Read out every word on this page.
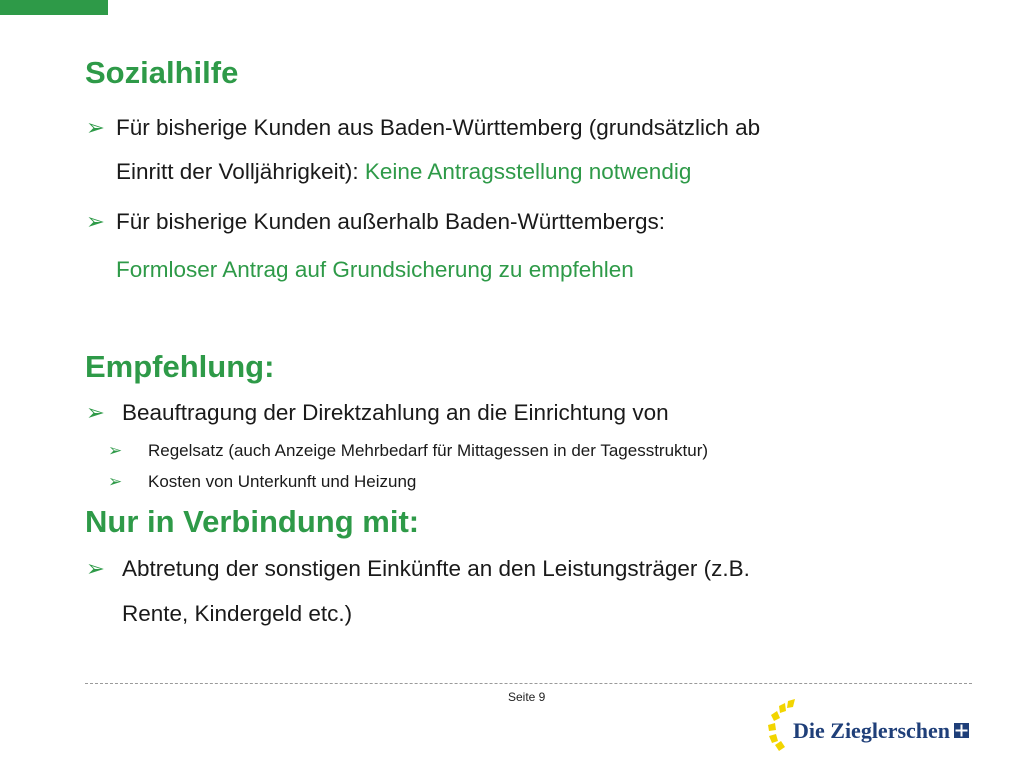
Sozialhilfe
➢ Für bisherige Kunden aus Baden-Württemberg (grundsätzlich ab
Einritt der Volljährigkeit): Keine Antragsstellung notwendig
➢ Für bisherige Kunden außerhalb Baden-Württembergs:
Formloser Antrag auf Grundsicherung zu empfehlen
Empfehlung:
➢ Beauftragung der Direktzahlung an die Einrichtung von
➢ Regelsatz (auch Anzeige Mehrbedarf für Mittagessen in der Tagesstruktur)
➢ Kosten von Unterkunft und Heizung
Nur in Verbindung mit:
➢ Abtretung der sonstigen Einkünfte an den Leistungsträger (z.B.
Rente, Kindergeld etc.)
Seite 9
Die Zieglerschen
